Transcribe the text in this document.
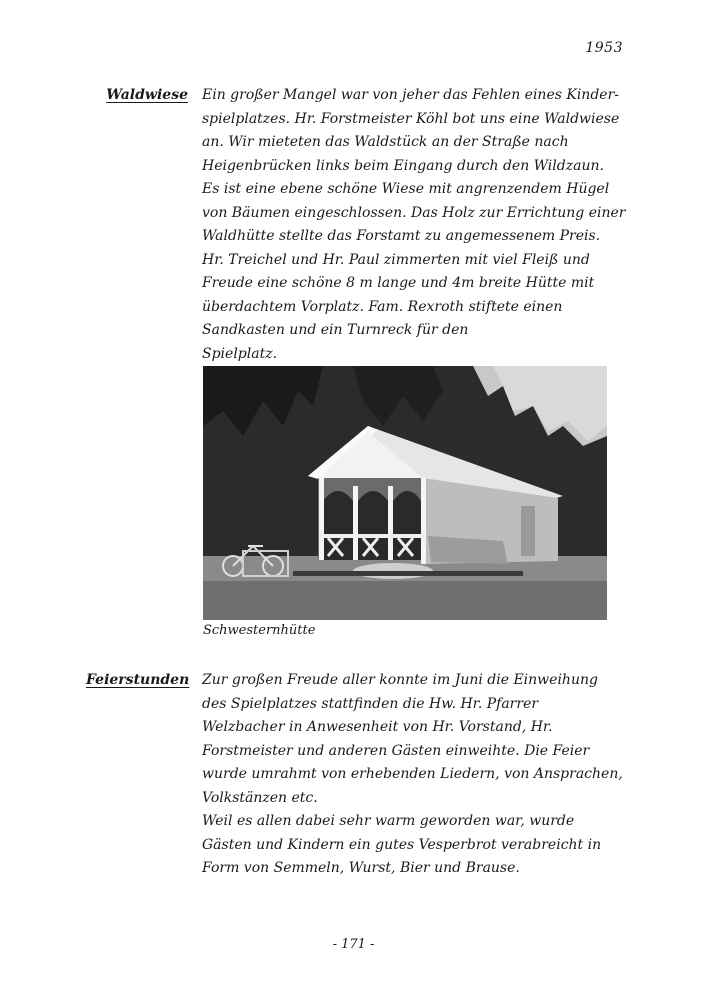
1953
Waldwiese Ein großer Mangel war von jeher das Fehlen eines Kinder-
spielplatzes. Hr. Forstmeister Köhl bot uns eine Waldwiese
an. Wir mieteten das Waldstück an der Straße nach
Heigenbrücken links beim Eingang durch den Wildzaun.
Es ist eine ebene schöne Wiese mit angrenzendem Hügel
von Bäumen eingeschlossen. Das Holz zur Errichtung einer
Waldhütte stellte das Forstamt zu angemessenem Preis.
Hr. Treichel und Hr. Paul zimmerten mit viel Fleiß und
Freude eine schöne 8 m lange und 4m breite Hütte mit
überdachtem Vorplatz. Fam. Rexroth stiftete einen
Sandkasten und ein Turnreck für den
Spielplatz.
Schwesternhütte
Feierstunden Zur großen Freude aller konnte im Juni die Einweihung
des Spielplatzes stattfinden die Hw. Hr. Pfarrer
Welzbacher in Anwesenheit von Hr. Vorstand, Hr.
Forstmeister und anderen Gästen einweihte. Die Feier
wurde umrahmt von erhebenden Liedern, von Ansprachen,
Volkstänzen etc.
Weil es allen dabei sehr warm geworden war, wurde
Gästen und Kindern ein gutes Vesperbrot verabreicht in
Form von Semmeln, Wurst, Bier und Brause.
- 171 -
